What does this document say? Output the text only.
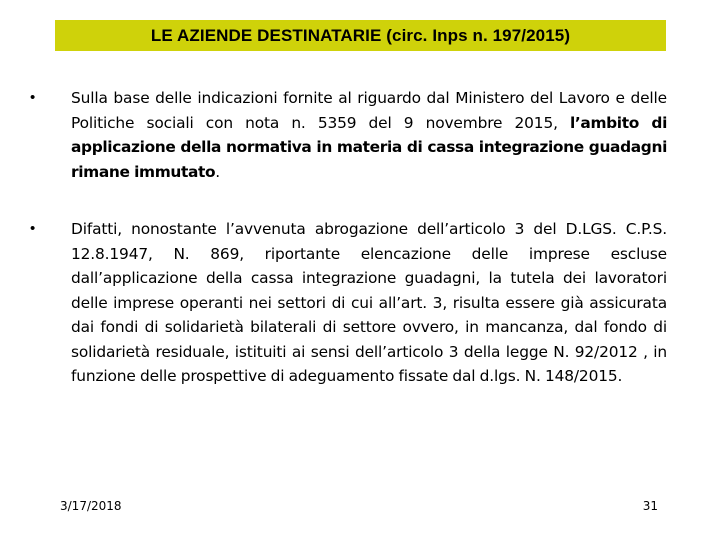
LE AZIENDE DESTINATARIE (circ. Inps n. 197/2015)
•	Sulla base delle indicazioni fornite al riguardo dal Ministero del Lavoro e delle Politiche sociali con nota n. 5359 del 9 novembre 2015, l’ambito di applicazione della normativa in materia di cassa integrazione guadagni rimane immutato.
•	Difatti, nonostante l’avvenuta abrogazione dell’articolo 3 del D.LGS. C.P.S. 12.8.1947, N. 869, riportante elencazione delle imprese escluse dall’applicazione della cassa integrazione guadagni, la tutela dei lavoratori delle imprese operanti nei settori di cui all’art. 3, risulta essere già assicurata dai fondi di solidarietà bilaterali di settore ovvero, in mancanza, dal fondo di solidarietà residuale, istituiti ai sensi dell’articolo 3 della legge N. 92/2012 , in funzione delle prospettive di adeguamento fissate dal d.lgs. N. 148/2015.
3/17/2018	31
